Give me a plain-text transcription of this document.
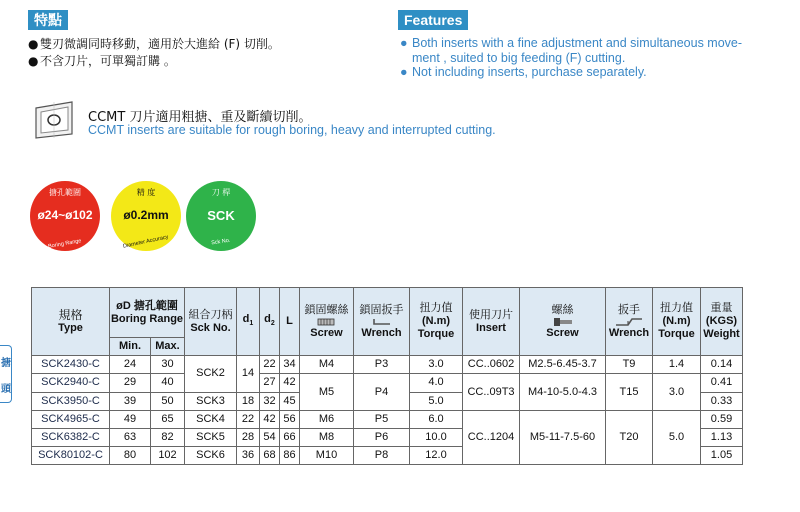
特點	Features
● 雙刃微調同時移動，適用於大進給 (F) 切削。
● 不含刀片，可單獨訂購 。
● Both inserts with a fine adjustment and simultaneous move-
ment , suited to big feeding (F) cutting.
● Not including inserts, purchase separately.
CCMT 刀片適用粗搪、重及斷續切削。
CCMT inserts are suitable for rough boring, heavy and interrupted cutting.
搪孔範圍
Boring Range
ø24~ø102
精 度
Diameter Accuracy
ø0.2mm
刀 桿
Sck No.
SCK
搪
頭
規格
Type	øD 搪孔範圍
Boring Range		組合刀柄
Sck No.	$d_1$	$d_2$	L	鎖固螺絲
Screw	鎖固扳手
Wrench	扭力值
(N.m)
Torque	使用刀片
Insert	螺絲
Screw	扳手
Wrench	扭力值
(N.m)
Torque	重量
(KGS)
Weight
	Min.	Max.												
SCK2430-C	24	30	SCK2	14	22	34	M4	P3	3.0	CC..0602	M2.5-6.45-3.7	T9	1.4	0.14
SCK2940-C	29	40			27	42	M5	P4	4.0	CC..09T3	M4-10-5.0-4.3	T15	3.0	0.41
SCK3950-C	39	50	SCK3	18	32	45			5.0					0.33
SCK4965-C	49	65	SCK4	22	42	56	M6	P5	6.0	CC..1204	M5-11-7.5-60	T20	5.0	0.59
SCK6382-C	63	82	SCK5	28	54	66	M8	P6	10.0					1.13
SCK80102-C	80	102	SCK6	36	68	86	M10	P8	12.0					1.05
